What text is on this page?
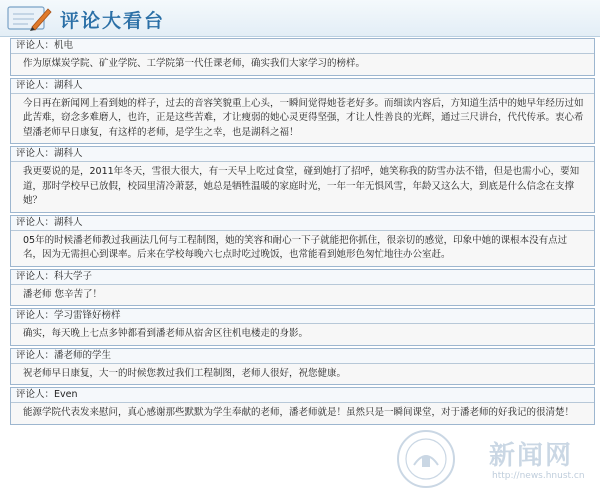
评论大看台
评论人：机电
作为原煤炭学院、矿业学院、工学院第一代任课老师，确实我们大家学习的榜样。
评论人：湖科人
今日再在新闻网上看到她的样子，过去的音容笑貌重上心头，一瞬间觉得她苍老好多。而细读内容后，方知道生活中的她早年经历过如此苦难，窃念多难磨人，也许，正是这些苦难，才让瘦弱的她心灵更得坚强，才让人性善良的光辉，通过三尺讲台，代代传承。衷心希望潘老师早日康复，有这样的老师，是学生之幸，也是湖科之福！
评论人：湖科人
我更要说的是，2011年冬天，雪很大很大，有一天早上吃过食堂，碰到她打了招呼，她笑称我的防雪办法不错，但是也需小心，要知道，那时学校早已放假，校园里清冷萧瑟，她总是牺牲温暖的家庭时光，一年一年无惧风雪，年龄又这么大，到底是什么信念在支撑她？
评论人：湖科人
05年的时候潘老师教过我画法几何与工程制图，她的笑容和耐心一下子就能把你抓住，很亲切的感觉，印象中她的课根本没有点过名，因为无需担心到课率。后来在学校每晚六七点时吃过晚饭，也常能看到她形色匆忙地往办公室赶。
评论人：科大学子
潘老师 您辛苦了！
评论人：学习雷锋好榜样
确实，每天晚上七点多钟都看到潘老师从宿舍区往机电楼走的身影。
评论人：潘老师的学生
祝老师早日康复，大一的时候您教过我们工程制图，老师人很好，祝您健康。
评论人：Even
能源学院代表发来慰问，真心感谢那些默默为学生奉献的老师，潘老师就是！虽然只是一瞬间课堂，对于潘老师的好我记的很清楚！
新闻网
http://news.hnust.cn
